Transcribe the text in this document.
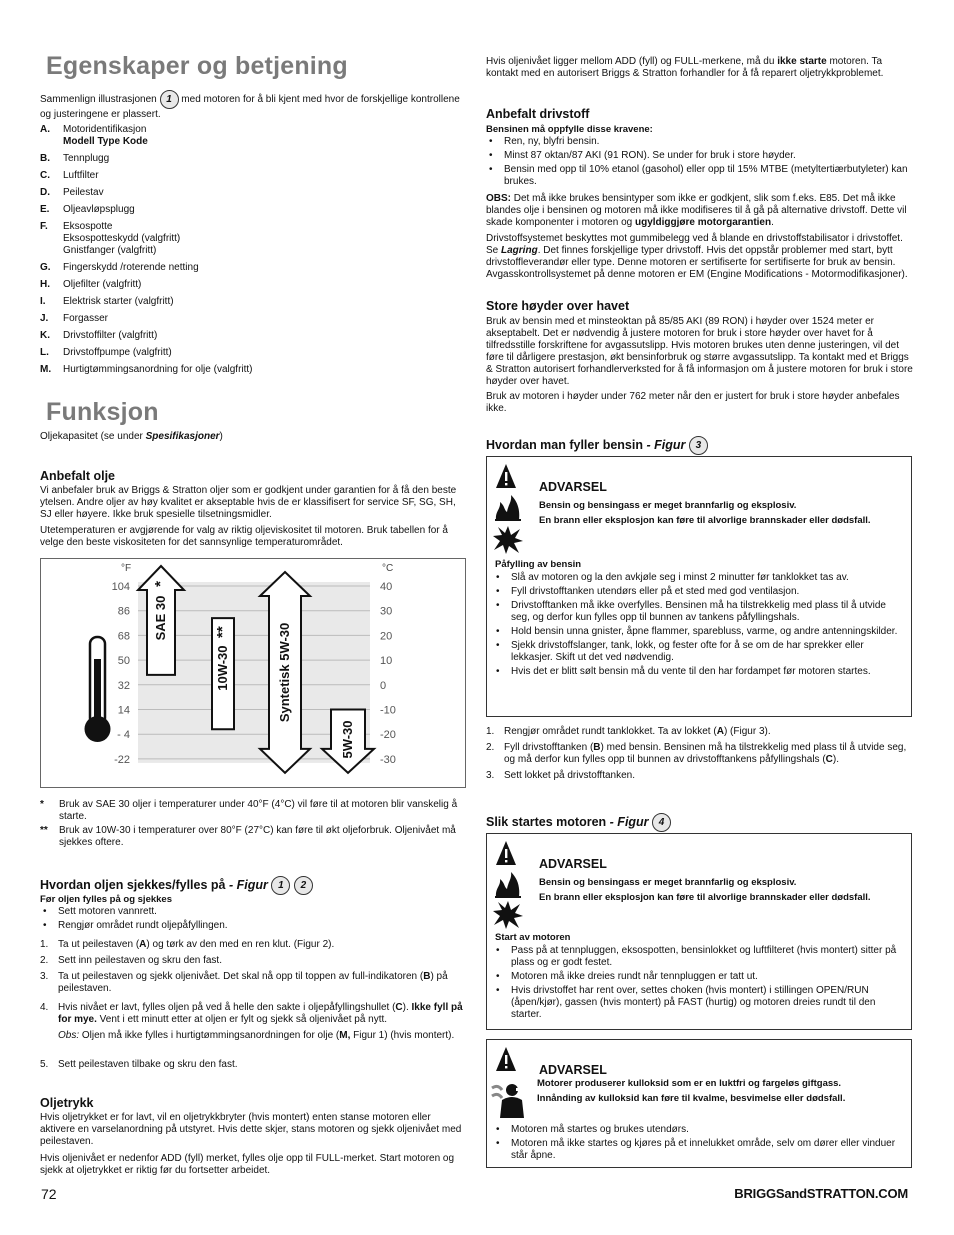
Egenskaper og betjening

Sammenlign illustrasjonen 1 med motoren for å bli kjent med hvor de forskjellige kontrollene og justeringene er plassert.

A.	Motoridentifikasjon
Modell Type Kode
B.	Tennplugg
C.	Luftfilter
D.	Peilestav
E.	Oljeavløpsplugg
F.	Eksospotte
Eksospotteskydd (valgfritt)
Gnistfanger (valgfritt)
G.	Fingerskydd /roterende netting
H.	Oljefilter (valgfritt)
I.	Elektrisk starter (valgfritt)
J.	Forgasser
K.	Drivstoffilter (valgfritt)
L.	Drivstoffpumpe (valgfritt)
M.	Hurtigtømmingsanordning for olje (valgfritt)
Funksjon

Oljekapasitet (se under Spesifikasjoner)

Anbefalt olje

Vi anbefaler bruk av Briggs & Stratton oljer som er godkjent under garantien for å få den beste ytelsen. Andre oljer av høy kvalitet er akseptable hvis de er klassifisert for service SF, SG, SH, SJ eller høyere. Ikke bruk spesielle tilsetningsmidler.

Utetemperaturen er avgjørende for valg av riktig oljeviskositet til motoren. Bruk tabellen for å velge den beste viskositeten for det sannsynlige temperaturområdet.

*	Bruk av SAE 30 oljer i temperaturer under 40°F (4°C) vil føre til at motoren blir vanskelig å starte.
**	Bruk av 10W-30 i temperaturer over 80°F (27°C) kan føre til økt oljeforbruk. Oljenivået må sjekkes oftere.

Hvordan oljen sjekkes/fylles på - Figur 1 2

Før oljen fylles på og sjekkes

• Sett motoren vannrett.
• Rengjør området rundt oljepåfyllingen.
1. Ta ut peilestaven (A) og tørk av den med en ren klut. (Figur 2).
2. Sett inn peilestaven og skru den fast.
3. Ta ut peilestaven og sjekk oljenivået. Det skal nå opp til toppen av full-indikatoren (B) på peilestaven.

4. Hvis nivået er lavt, fylles oljen på ved å helle den sakte i oljepåfyllingshullet (C). Ikke fyll på for mye. Vent i ett minutt etter at oljen er fylt og sjekk så oljenivået på nytt.

Obs: Oljen må ikke fylles i hurtigtømmingsanordningen for olje (M, Figur 1) (hvis montert).

5. Sett peilestaven tilbake og skru den fast.

Oljetrykk

Hvis oljetrykket er for lavt, vil en oljetrykkbryter (hvis montert) enten stanse motoren eller aktivere en varselanordning på utstyret. Hvis dette skjer, stans motoren og sjekk oljenivået med peilestaven.

Hvis oljenivået er nedenfor ADD (fyll) merket, fylles olje opp til FULL-merket. Start motoren og sjekk at oljetrykket er riktig før du fortsetter arbeidet.

104	40
86	30
68	20
50	10
32	0
14	-10
- 4	-20
-22	-30
°F	°C
SAE 30
*
10W-30
**	Syntetisk 5W-30
5W-30

Hvis oljenivået ligger mellom ADD (fyll) og FULL-merkene, må du ikke starte motoren. Ta kontakt med en autorisert Briggs & Stratton forhandler for å få reparert oljetrykkproblemet.

Anbefalt drivstoff

Bensinen må oppfylle disse kravene:

• Ren, ny, blyfri bensin.
• Minst 87 oktan/87 AKI (91 RON). Se under for bruk i store høyder.
• Bensin med opp til 10% etanol (gasohol) eller opp til 15% MTBE (metyltertiærbutyleter) kan brukes.

OBS: Det må ikke brukes bensintyper som ikke er godkjent, slik som f.eks. E85. Det må ikke blandes olje i bensinen og motoren må ikke modifiseres til å gå på alternative drivstoff. Dette vil skade komponenter i motoren og ugyldiggjøre motorgarantien.

Drivstoffsystemet beskyttes mot gummibelegg ved å blande en drivstoffstabilisator i drivstoffet. Se Lagring. Det finnes forskjellige typer drivstoff. Hvis det oppstår problemer med start, bytt drivstoffleverandør eller type. Denne motoren er sertifiserte for sertifiserte for bruk av bensin. Avgasskontrollsystemet på denne motoren er EM (Engine Modifications - Motormodifikasjoner).

Store høyder over havet

Bruk av bensin med et minsteoktan på 85/85 AKI (89 RON) i høyder over 1524 meter er akseptabelt. Det er nødvendig å justere motoren for bruk i store høyder over havet for å tilfredsstille forskriftene for avgassutslipp. Hvis motoren brukes uten denne justeringen, vil det føre til dårligere prestasjon, økt bensinforbruk og større avgassutslipp. Ta kontakt med et Briggs & Stratton autorisert forhandlerverksted for å få informasjon om å justere motoren for bruk i store høyder over havet.

Bruk av motoren i høyder under 762 meter når den er justert for bruk i store høyder anbefales ikke.

Hvordan man fyller bensin - Figur 3

ADVARSEL
Bensin og bensingass er meget brannfarlig og eksplosiv.
En brann eller eksplosjon kan føre til alvorlige brannskader eller dødsfall.
Påfylling av bensin
• Slå av motoren og la den avkjøle seg i minst 2 minutter før tanklokket tas av.
• Fyll drivstofftanken utendørs eller på et sted med god ventilasjon.
• Drivstofftanken må ikke overfylles. Bensinen må ha tilstrekkelig med plass til å utvide seg, og derfor kun fylles opp til bunnen av tankens påfyllingshals.
• Hold bensin unna gnister, åpne flammer, sparebluss, varme, og andre antenningskilder.
• Sjekk drivstoffslanger, tank, lokk, og fester ofte for å se om de har sprekker eller lekkasjer. Skift ut det ved nødvendig.
• Hvis det er blitt sølt bensin må du vente til den har fordampet før motoren startes.
1. Rengjør området rundt tanklokket. Ta av lokket (A) (Figur 3).
2. Fyll drivstofftanken (B) med bensin. Bensinen må ha tilstrekkelig med plass til å utvide seg, og må derfor kun fylles opp til bunnen av drivstofftankens påfyllingshals (C).
3. Sett lokket på drivstofftanken.

Slik startes motoren - Figur 4

ADVARSEL
Bensin og bensingass er meget brannfarlig og eksplosiv.
En brann eller eksplosjon kan føre til alvorlige brannskader eller dødsfall.
Start av motoren
• Pass på at tennpluggen, eksospotten, bensinlokket og luftfilteret (hvis montert) sitter på plass og er godt festet.
• Motoren må ikke dreies rundt når tennpluggen er tatt ut.
• Hvis drivstoffet har rent over, settes choken (hvis montert) i stillingen OPEN/RUN (åpen/kjør), gassen (hvis montert) på FAST (hurtig) og motoren dreies rundt til den starter.
ADVARSEL
Motorer produserer kulloksid som er en luktfri og fargeløs giftgass.
Innånding av kulloksid kan føre til kvalme, besvimelse eller dødsfall.
• Motoren må startes og brukes utendørs.
• Motoren må ikke startes og kjøres på et innelukket område, selv om dører eller vinduer står åpne.
72	BRIGGSandSTRATTON.COM
